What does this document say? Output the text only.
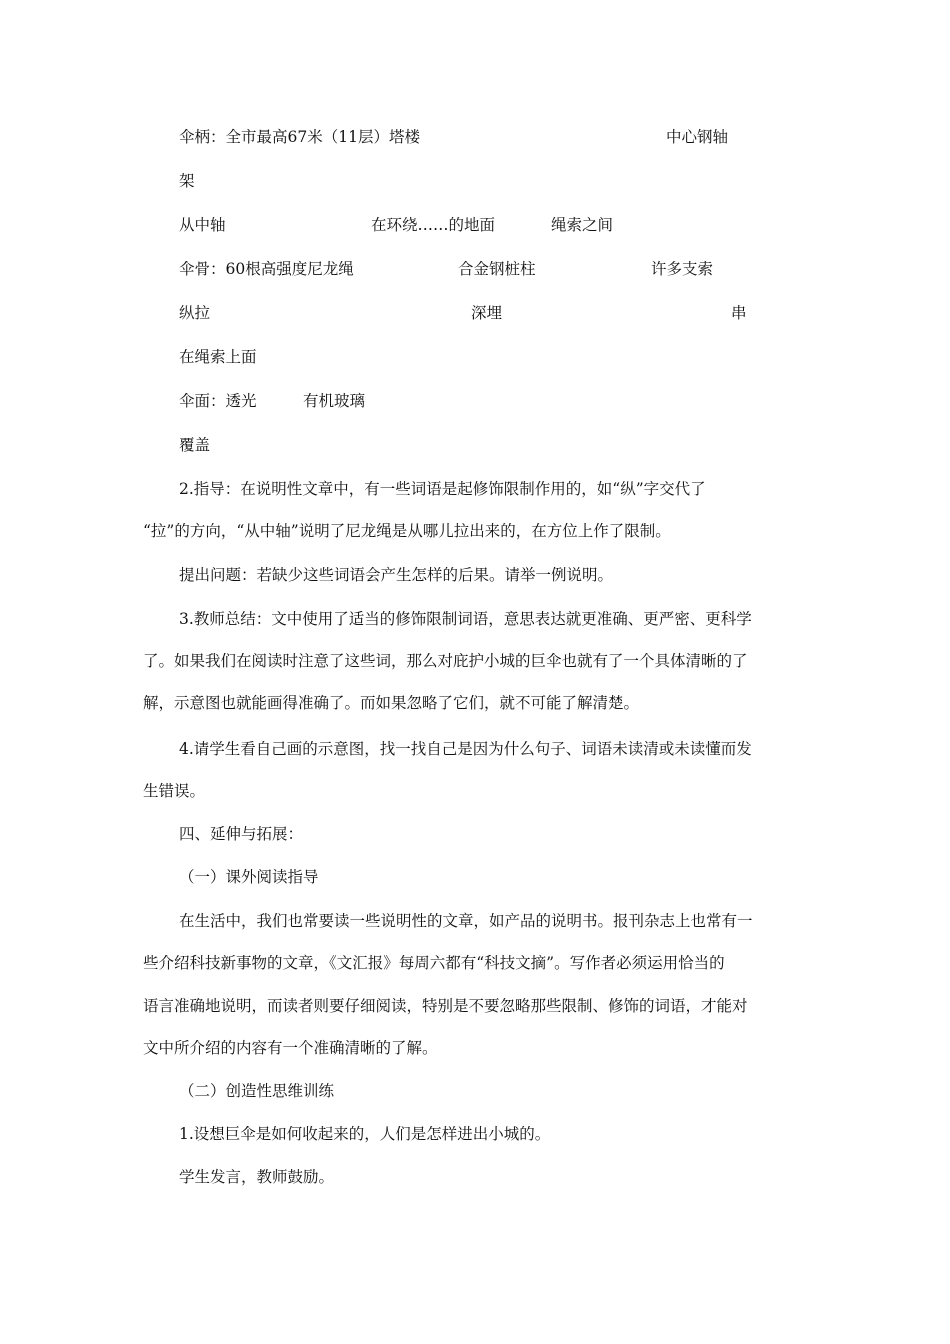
伞柄：全市最高67米（11层）塔楼	中心钢轴
架
从中轴	在环绕……的地面	绳索之间
伞骨：60根高强度尼龙绳	合金钢桩柱	许多支索
纵拉	深埋	串
在绳索上面
伞面：透光	有机玻璃
覆盖
2.指导：在说明性文章中，有一些词语是起修饰限制作用的，如“纵”字交代了
“拉”的方向，“从中轴”说明了尼龙绳是从哪儿拉出来的，在方位上作了限制。
提出问题：若缺少这些词语会产生怎样的后果。请举一例说明。
3.教师总结：文中使用了适当的修饰限制词语，意思表达就更准确、更严密、更科学
了。如果我们在阅读时注意了这些词，那么对庇护小城的巨伞也就有了一个具体清晰的了
解，示意图也就能画得准确了。而如果忽略了它们，就不可能了解清楚。
4.请学生看自己画的示意图，找一找自己是因为什么句子、词语未读清或未读懂而发
生错误。
四、延伸与拓展：
（一）课外阅读指导
在生活中，我们也常要读一些说明性的文章，如产品的说明书。报刊杂志上也常有一
些介绍科技新事物的文章，《文汇报》每周六都有“科技文摘”。写作者必须运用恰当的
语言准确地说明，而读者则要仔细阅读，特别是不要忽略那些限制、修饰的词语，才能对
文中所介绍的内容有一个准确清晰的了解。
（二）创造性思维训练
1.设想巨伞是如何收起来的，人们是怎样进出小城的。
学生发言，教师鼓励。
